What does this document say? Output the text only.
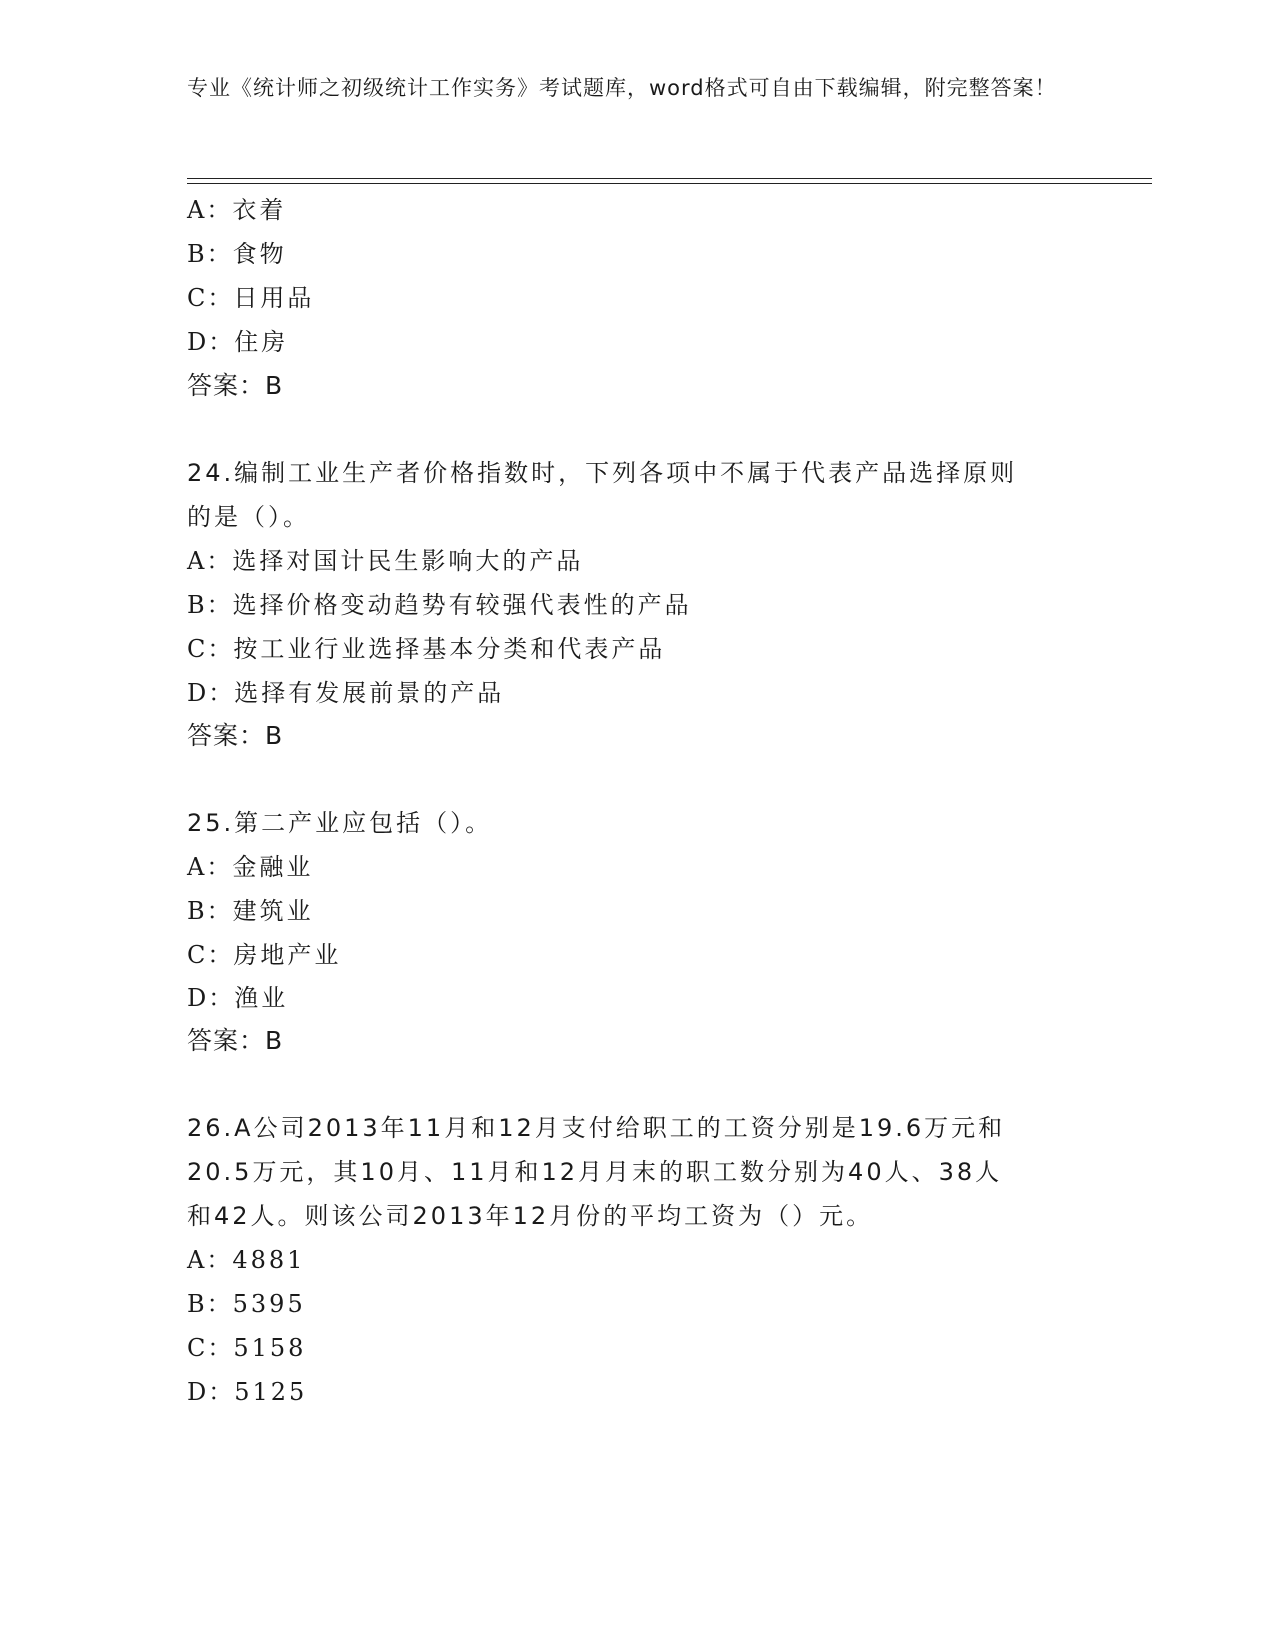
专业《统计师之初级统计工作实务》考试题库，word格式可自由下载编辑，附完整答案！
A：衣着
B：食物
C：日用品
D：住房
答案：B
24.编制工业生产者价格指数时，下列各项中不属于代表产品选择原则
的是（）。
A：选择对国计民生影响大的产品
B：选择价格变动趋势有较强代表性的产品
C：按工业行业选择基本分类和代表产品
D：选择有发展前景的产品
答案：B
25.第二产业应包括（）。
A：金融业
B：建筑业
C：房地产业
D：渔业
答案：B
26.A公司2013年11月和12月支付给职工的工资分别是19.6万元和
20.5万元，其10月、11月和12月月末的职工数分别为40人、38人
和42人。则该公司2013年12月份的平均工资为（）元。
A：4881
B：5395
C：5158
D：5125
